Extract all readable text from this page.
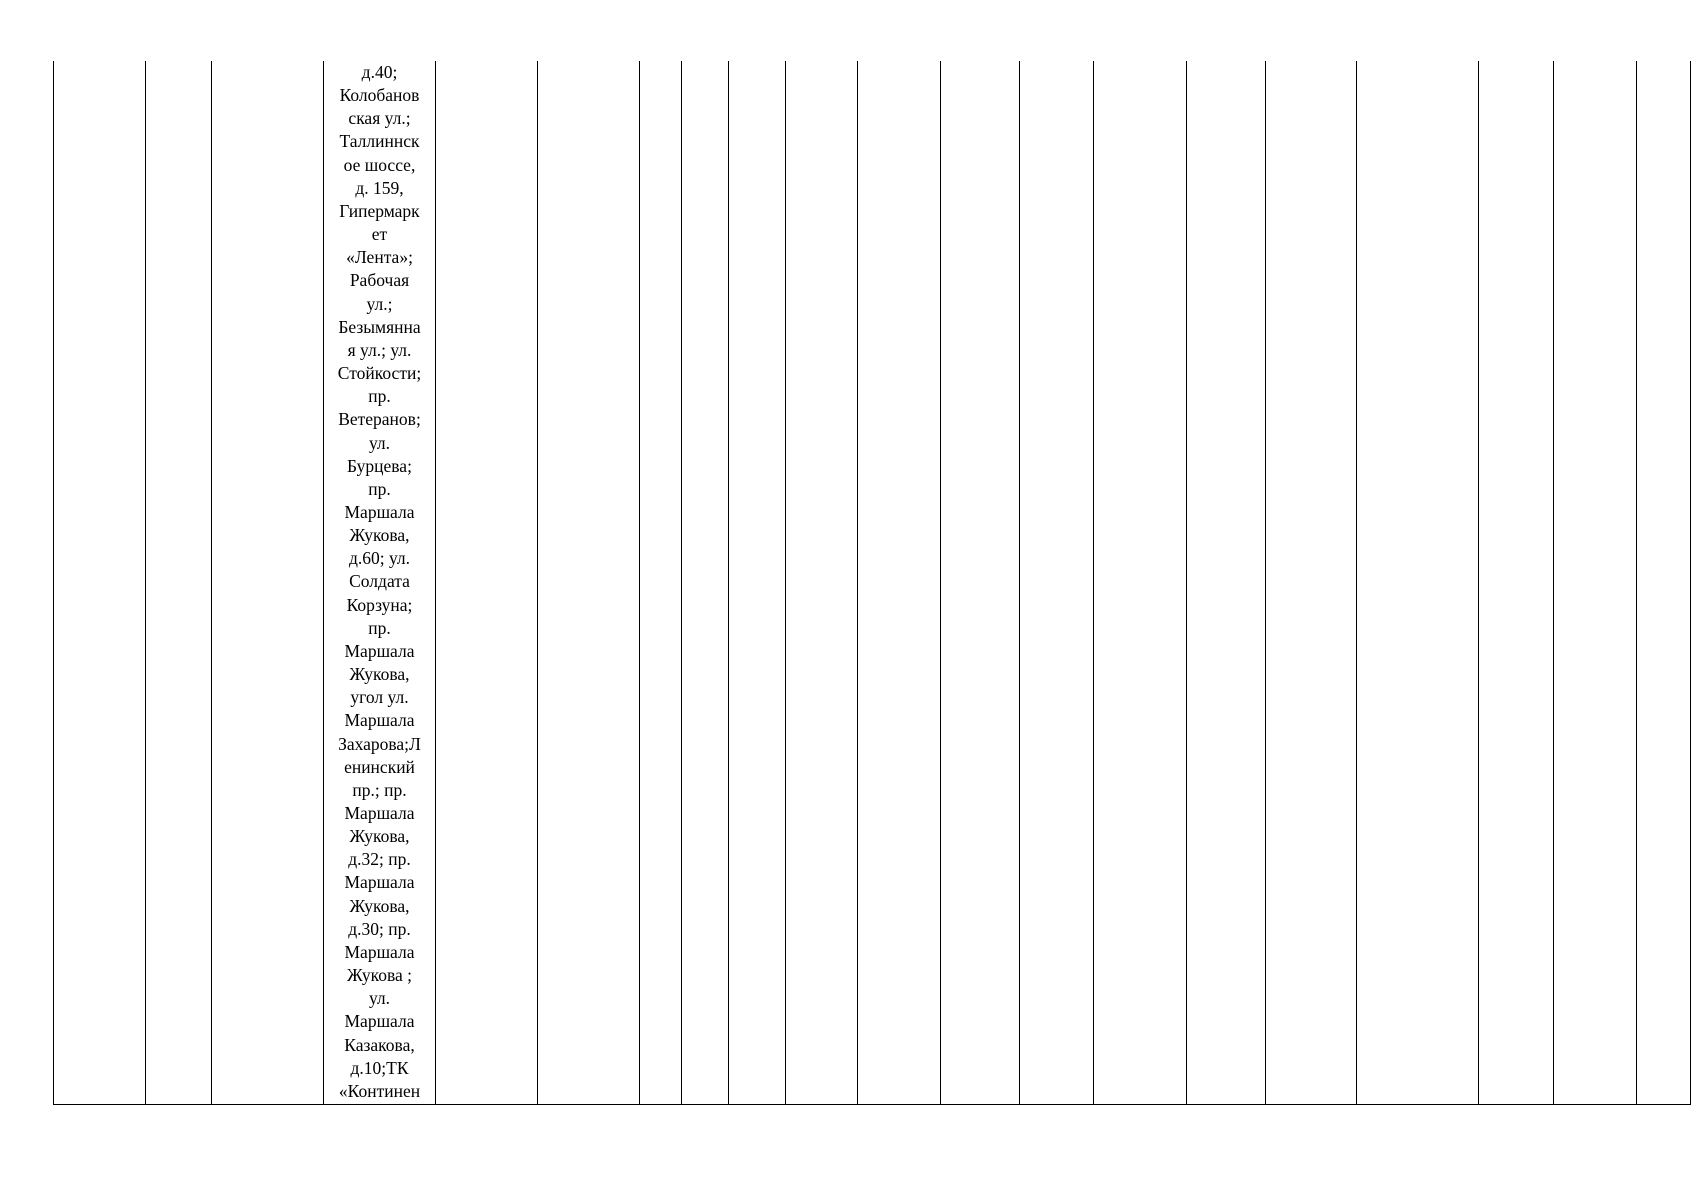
д.40;
Колобанов
ская ул.;
Таллиннск
ое шоссе,
д. 159,
Гипермарк
ет
«Лента»;
Рабочая
ул.;
Безымянна
я ул.; ул.
Стойкости;
пр.
Ветеранов;
ул.
Бурцева;
пр.
Маршала
Жукова,
д.60; ул.
Солдата
Корзуна;
пр.
Маршала
Жукова,
угол ул.
Маршала
Захарова;Л
енинский
пр.; пр.
Маршала
Жукова,
д.32; пр.
Маршала
Жукова,
д.30; пр.
Маршала
Жукова ;
ул.
Маршала
Казакова,
д.10;ТК
«Континен
